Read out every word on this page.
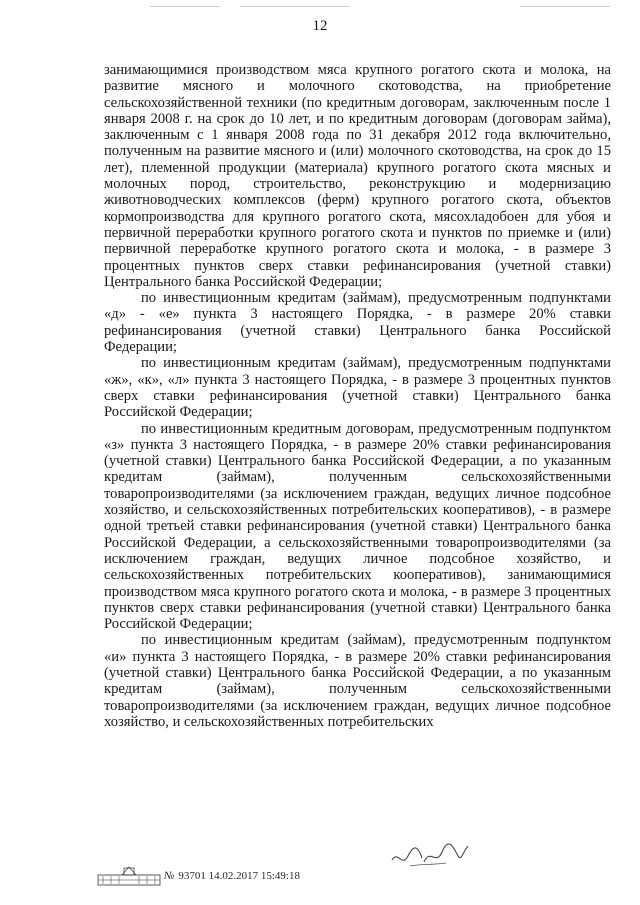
12

занимающимися производством мяса крупного рогатого скота и молока, на развитие мясного и молочного скотоводства, на приобретение сельскохозяйственной техники (по кредитным договорам, заключенным после 1 января 2008 г. на срок до 10 лет, и по кредитным договорам (договорам займа), заключенным с 1 января 2008 года по 31 декабря 2012 года включительно, полученным на развитие мясного и (или) молочного скотоводства, на срок до 15 лет), племенной продукции (материала) крупного рогатого скота мясных и молочных пород, строительство, реконструкцию и модернизацию животноводческих комплексов (ферм) крупного рогатого скота, объектов кормопроизводства для крупного рогатого скота, мясохладобоен для убоя и первичной переработки крупного рогатого скота и пунктов по приемке и (или) первичной переработке крупного рогатого скота и молока, - в размере 3 процентных пунктов сверх ставки рефинансирования (учетной ставки) Центрального банка Российской Федерации;

по инвестиционным кредитам (займам), предусмотренным подпунктами «д» - «е» пункта 3 настоящего Порядка, - в размере 20% ставки рефинансирования (учетной ставки) Центрального банка Российской Федерации;

по инвестиционным кредитам (займам), предусмотренным подпунктами «ж», «к», «л» пункта 3 настоящего Порядка, - в размере 3 процентных пунктов сверх ставки рефинансирования (учетной ставки) Центрального банка Российской Федерации;

по инвестиционным кредитным договорам, предусмотренным подпунктом «з» пункта 3 настоящего Порядка, - в размере 20% ставки рефинансирования (учетной ставки) Центрального банка Российской Федерации, а по указанным кредитам (займам), полученным сельскохозяйственными товаропроизводителями (за исключением граждан, ведущих личное подсобное хозяйство, и сельскохозяйственных потребительских кооперативов), - в размере одной третьей ставки рефинансирования (учетной ставки) Центрального банка Российской Федерации, а сельскохозяйственными товаропроизводителями (за исключением граждан, ведущих личное подсобное хозяйство, и сельскохозяйственных потребительских кооперативов), занимающимися производством мяса крупного рогатого скота и молока, - в размере 3 процентных пунктов сверх ставки рефинансирования (учетной ставки) Центрального банка Российской Федерации;

по инвестиционным кредитам (займам), предусмотренным подпунктом «и» пункта 3 настоящего Порядка, - в размере 20% ставки рефинансирования (учетной ставки) Центрального банка Российской Федерации, а по указанным кредитам (займам), полученным сельскохозяйственными товаропроизводителями (за исключением граждан, ведущих личное подсобное хозяйство, и сельскохозяйственных потребительских

№ 93701 14.02.2017 15:49:18
